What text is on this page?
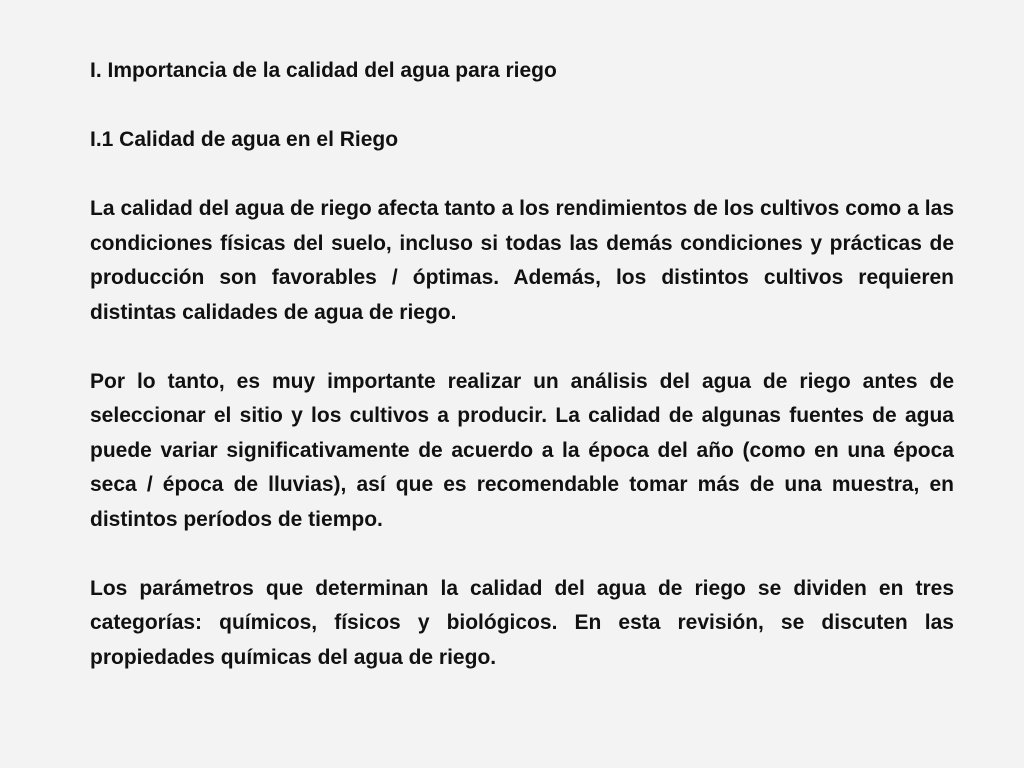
I. Importancia de la calidad del agua para riego

I.1 Calidad de agua en el Riego

La calidad del agua de riego afecta tanto a los rendimientos de los cultivos como a las condiciones físicas del suelo, incluso si todas las demás condiciones y prácticas de producción son favorables / óptimas. Además, los distintos cultivos requieren distintas calidades de agua de riego.

Por lo tanto, es muy importante realizar un análisis del agua de riego antes de seleccionar el sitio y los cultivos a producir. La calidad de algunas fuentes de agua puede variar significativamente de acuerdo a la época del año (como en una época seca / época de lluvias), así que es recomendable tomar más de una muestra, en distintos períodos de tiempo.

Los parámetros que determinan la calidad del agua de riego se dividen en tres categorías: químicos, físicos y biológicos. En esta revisión, se discuten las propiedades químicas del agua de riego.
